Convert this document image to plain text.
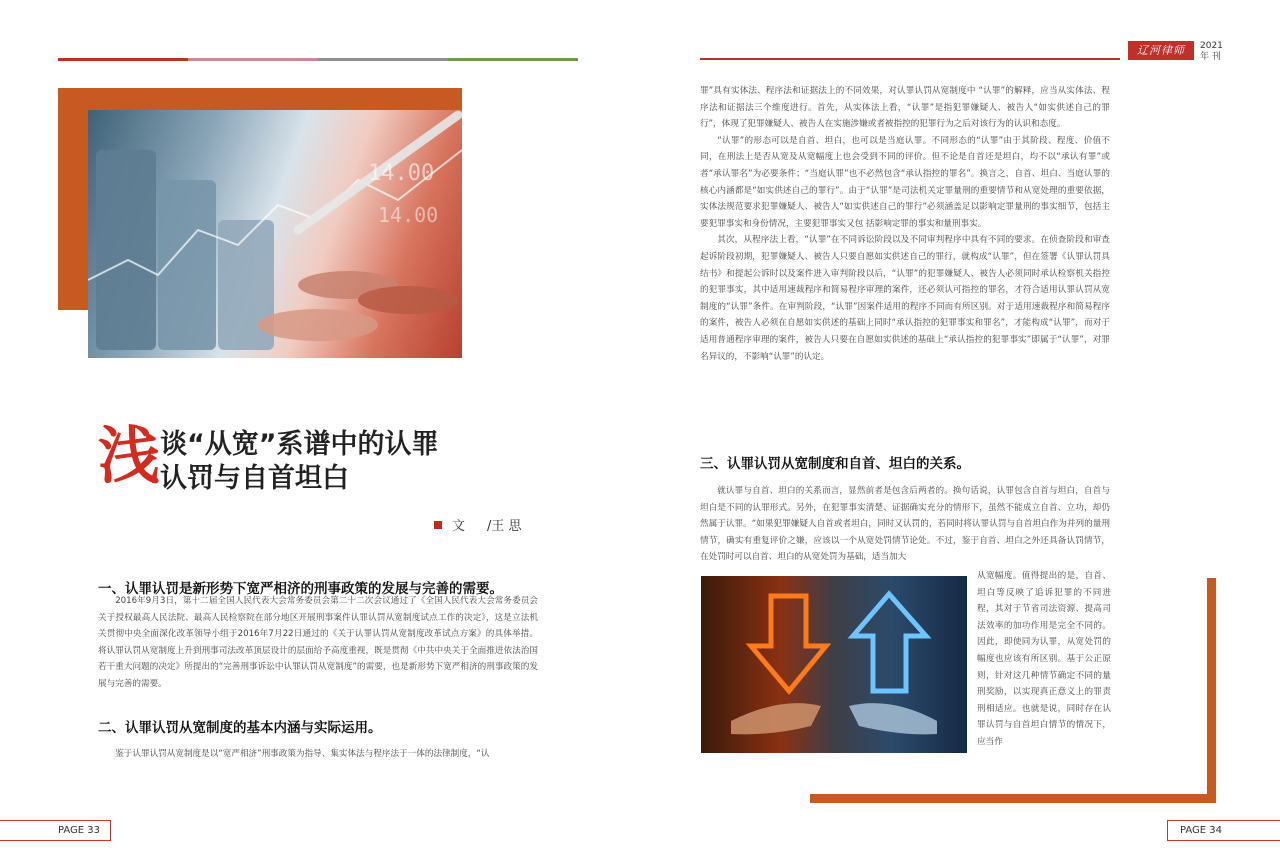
14.00
14.00
浅 谈“从宽”系谱中的认罪
认罚与自首坦白
文 /王 思
一、认罪认罚是新形势下宽严相济的刑事政策的发展与完善的需要。

2016年9月3日，第十二届全国人民代表大会常务委员会第二十二次会议通过了《全国人民代表大会常务委员会关于授权最高人民法院、最高人民检察院在部分地区开展刑事案件认罪认罚从宽制度试点工作的决定》，这是立法机关贯彻中央全面深化改革领导小组于2016年7月22日通过的《关于认罪认罚从宽制度改革试点方案》的具体举措。将认罪认罚从宽制度上升到刑事司法改革顶层设计的层面给予高度重视，既是贯彻《中共中央关于全面推进依法治国若干重大问题的决定》所提出的“完善刑事诉讼中认罪认罚从宽制度”的需要，也是新形势下宽严相济的刑事政策的发展与完善的需要。

二、认罪认罚从宽制度的基本内涵与实际运用。

鉴于认罪认罚从宽制度是以“宽严相济”刑事政策为指导、集实体法与程序法于一体的法律制度，“认

PAGE 33
辽河律师	2021
年 刊

罪”具有实体法、程序法和证据法上的不同效果，对认罪认罚从宽制度中 “认罪”的解释，应当从实体法、程序法和证据法三个维度进行。首先，从实体法上看，“认罪”是指犯罪嫌疑人、被告人“如实供述自己的罪行”，体现了犯罪嫌疑人、被告人在实施涉嫌或者被指控的犯罪行为之后对该行为的认识和态度。

“认罪”的形态可以是自首、坦白，也可以是当庭认罪。不同形态的“认罪”由于其阶段、程度、价值不同，在刑法上是否从宽及从宽幅度上也会受到不同的评价。但不论是自首还是坦白，均不以“承认有罪”或者“承认罪名”为必要条件；“当庭认罪”也不必然包含“承认指控的罪名”。换言之，自首、坦白、当庭认罪的核心内涵都是“如实供述自己的罪行”。由于“认罪”是司法机关定罪量刑的重要情节和从宽处理的重要依据，实体法规范要求犯罪嫌疑人、被告人“如实供述自己的罪行”必须涵盖足以影响定罪量刑的事实细节，包括主要犯罪事实和身份情况，主要犯罪事实又包 括影响定罪的事实和量刑事实。

其次，从程序法上看，“认罪”在不同诉讼阶段以及不同审判程序中具有不同的要求。在侦查阶段和审查起诉阶段初期，犯罪嫌疑人、被告人只要自愿如实供述自己的罪行，就构成“认罪”，但在签署《认罪认罚具结书》和提起公诉时以及案件进入审判阶段以后，“认罪”的犯罪嫌疑人、被告人必须同时承认检察机关指控的犯罪事实，其中适用速裁程序和简易程序审理的案件，还必须认可指控的罪名，才符合适用认罪认罚从宽制度的“认罪”条件。在审判阶段，“认罪”因案件适用的程序不同而有所区别。对于适用速裁程序和简易程序的案件，被告人必须在自愿如实供述的基础上同时“承认指控的犯罪事实和罪名”，才能构成“认罪”，而对于适用普通程序审理的案件，被告人只要在自愿如实供述的基础上“承认指控的犯罪事实”即属于“认罪”，对罪名异议的，不影响“认罪”的认定。

三、认罪认罚从宽制度和自首、坦白的关系。

就认罪与自首、坦白的关系而言，显然前者是包含后两者的。换句话说，认罪包含自首与坦白，自首与坦白是不同的认罪形式。另外，在犯罪事实清楚、证据确实充分的情形下，虽然不能成立自首、立功，却仍然属于认罪。“如果犯罪嫌疑人自首或者坦白，同时又认罚的，若同时将认罪认罚与自首坦白作为并列的量刑情节，确实有重复评价之嫌，应该以一个从宽处罚情节论处。不过，鉴于自首、坦白之外还具备认罚情节，在处罚时可以自首、坦白的从宽处罚为基础，适当加大

从宽幅度。值得提出的是，自首、坦白等反映了追诉犯罪的不同进程，其对于节省司法资源、提高司法效率的加功作用是完全不同的。因此，即使同为认罪，从宽处罚的幅度也应该有所区别。基于公正原则，针对这几种情节确定不同的量刑奖励，以实现真正意义上的罪责刑相适应。也就是说，同时存在认罪认罚与自首坦白情节的情况下，应当作

PAGE 34
